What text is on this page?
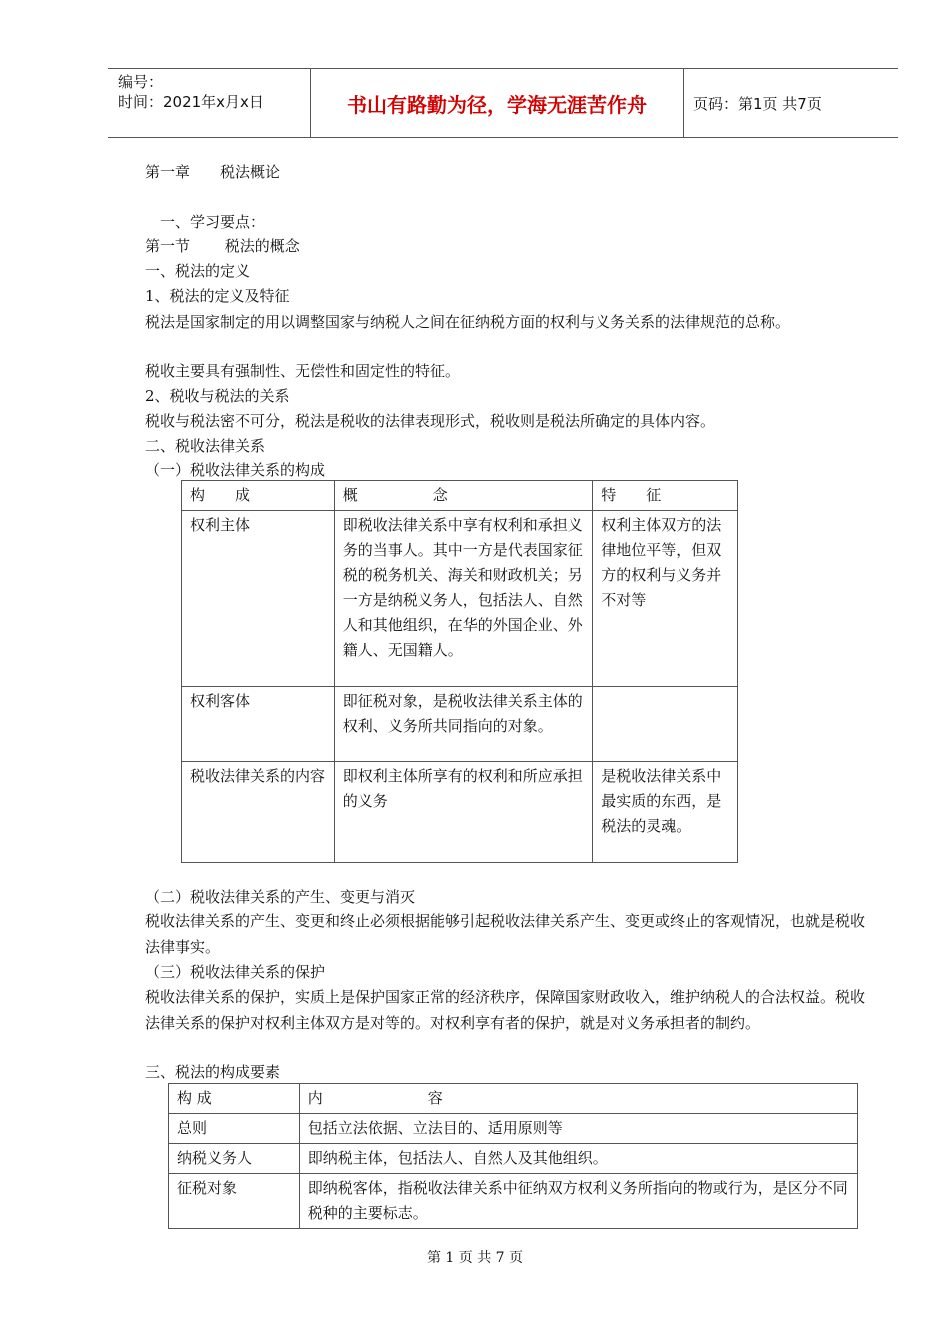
编号：
时间：2021年x月x日	书山有路勤为径，学海无涯苦作舟	页码：第1页 共7页
第一章　　税法概论
一、学习要点：
第一节　　 税法的概念
一、税法的定义
1、税法的定义及特征
税法是国家制定的用以调整国家与纳税人之间在征纳税方面的权利与义务关系的法律规范的总称。
税收主要具有强制性、无偿性和固定性的特征。
2、税收与税法的关系
税收与税法密不可分，税法是税收的法律表现形式，税收则是税法所确定的具体内容。
二、税收法律关系
（一）税收法律关系的构成
构　　成	概　　　　　念	特　　征
权利主体	即税收法律关系中享有权利和承担义务的当事人。其中一方是代表国家征税的税务机关、海关和财政机关；另一方是纳税义务人，包括法人、自然人和其他组织，在华的外国企业、外籍人、无国籍人。	权利主体双方的法律地位平等，但双方的权利与义务并不对等
权利客体	即征税对象，是税收法律关系主体的权利、义务所共同指向的对象。	
税收法律关系的内容	即权利主体所享有的权利和所应承担的义务	是税收法律关系中最实质的东西，是税法的灵魂。
（二）税收法律关系的产生、变更与消灭
税收法律关系的产生、变更和终止必须根据能够引起税收法律关系产生、变更或终止的客观情况，也就是税收法律事实。
（三）税收法律关系的保护
税收法律关系的保护，实质上是保护国家正常的经济秩序，保障国家财政收入，维护纳税人的合法权益。税收法律关系的保护对权利主体双方是对等的。对权利享有者的保护，就是对义务承担者的制约。
三、税法的构成要素
构 成	内　　　　　　　容
总则	包括立法依据、立法目的、适用原则等
纳税义务人	即纳税主体，包括法人、自然人及其他组织。
征税对象	即纳税客体，指税收法律关系中征纳双方权利义务所指向的物或行为，是区分不同税种的主要标志。
第 1 页 共 7 页
